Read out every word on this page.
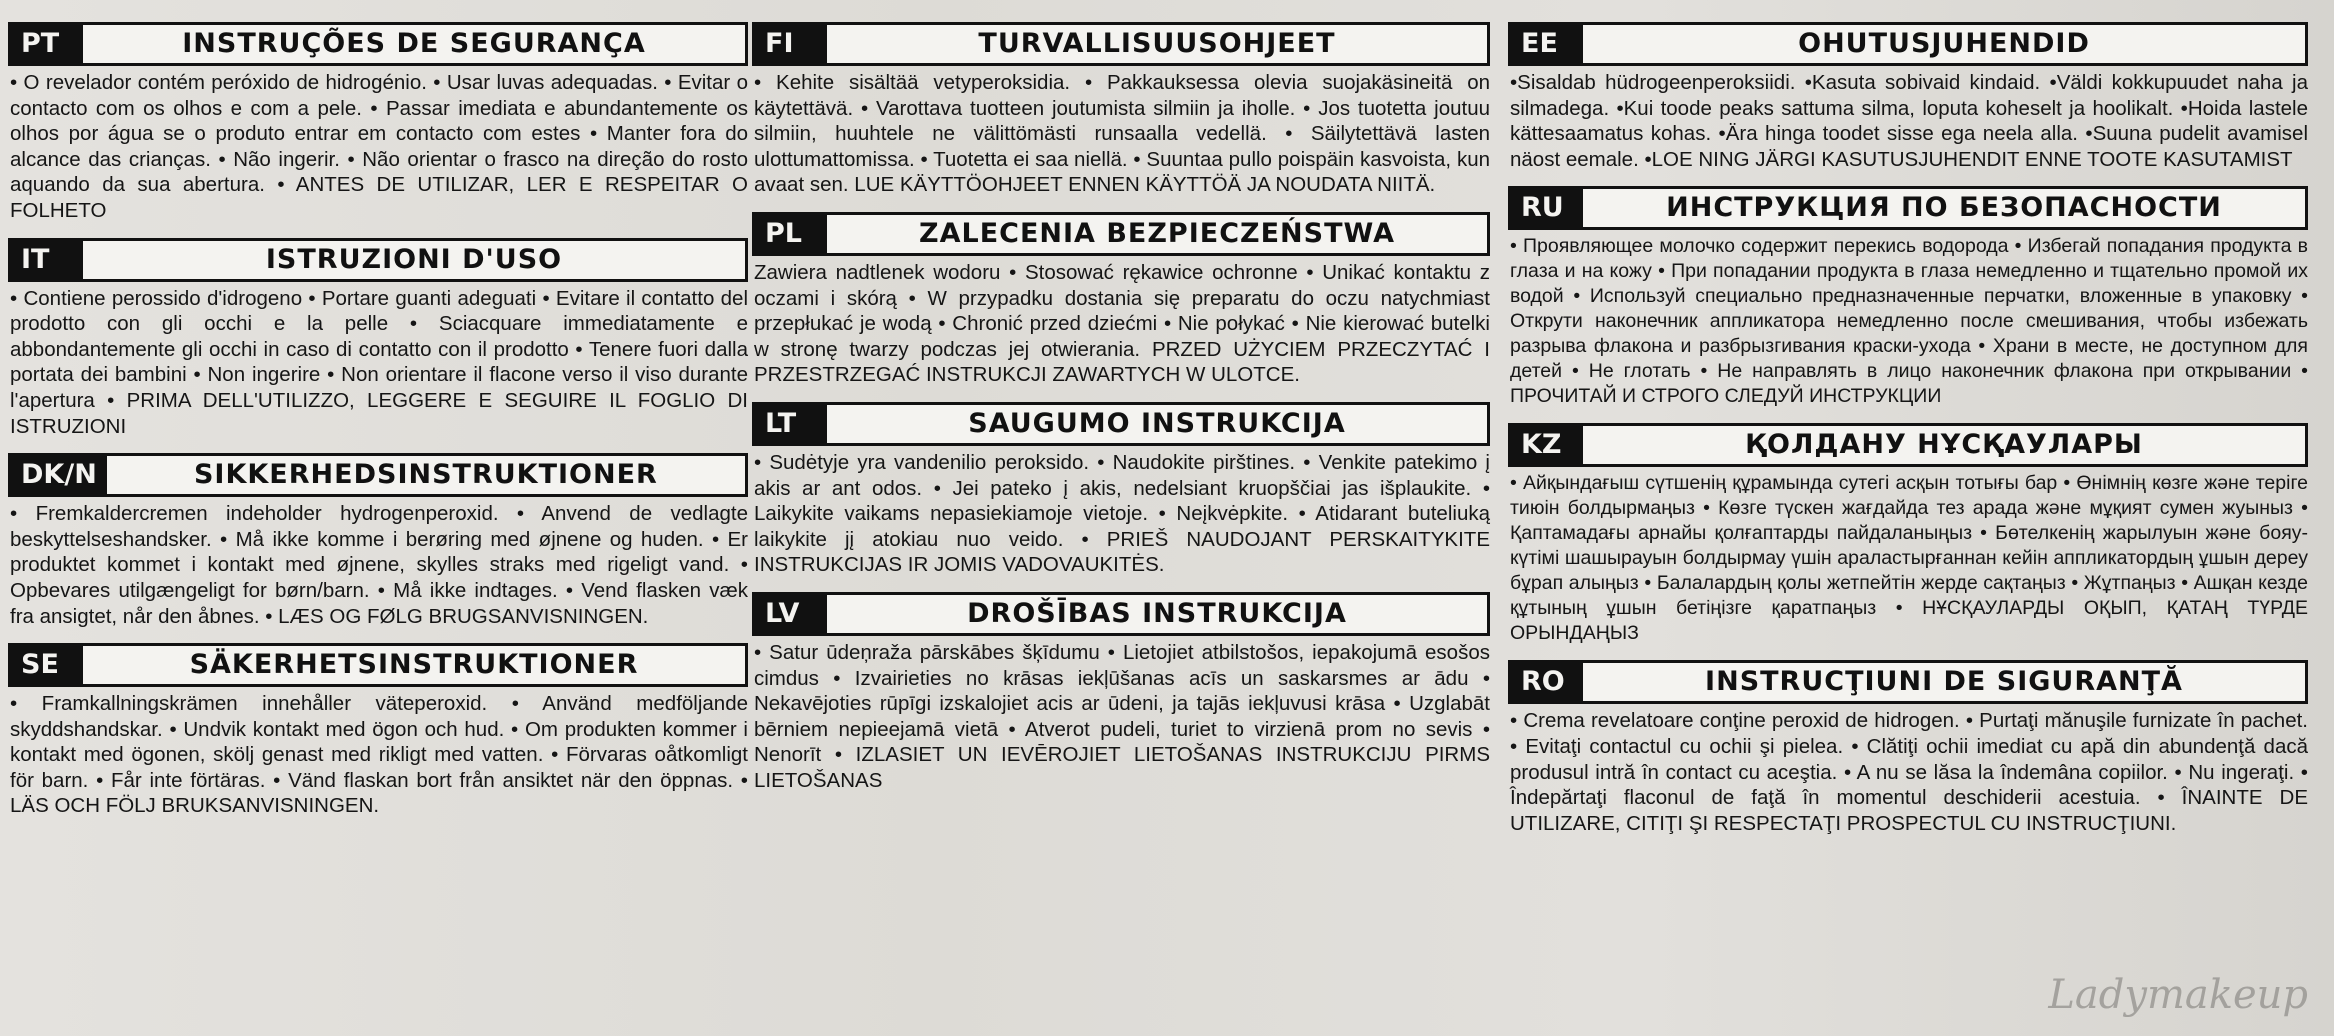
PT	INSTRUÇÕES DE SEGURANÇA
• O revelador contém peróxido de hidrogénio. • Usar luvas adequadas. • Evitar o contacto com os olhos e com a pele. • Passar imediata e abundantemente os olhos por água se o produto entrar em contacto com estes • Manter fora do alcance das crianças. • Não ingerir. • Não orientar o frasco na direção do rosto aquando da sua abertura. • ANTES DE UTILIZAR, LER E RESPEITAR O FOLHETO
IT	ISTRUZIONI D'USO
• Contiene perossido d'idrogeno • Portare guanti adeguati • Evitare il contatto del prodotto con gli occhi e la pelle • Sciacquare immediatamente e abbondantemente gli occhi in caso di contatto con il prodotto • Tenere fuori dalla portata dei bambini • Non ingerire • Non orientare il flacone verso il viso durante l'apertura • PRIMA DELL'UTILIZZO, LEGGERE E SEGUIRE IL FOGLIO DI ISTRUZIONI
DK/N	SIKKERHEDSINSTRUKTIONER
• Fremkaldercremen indeholder hydrogenperoxid. • Anvend de vedlagte beskyttelseshandsker. • Må ikke komme i berøring med øjnene og huden. • Er produktet kommet i kontakt med øjnene, skylles straks med rigeligt vand. • Opbevares utilgængeligt for børn/barn. • Må ikke indtages. • Vend flasken væk fra ansigtet, når den åbnes. • LÆS OG FØLG BRUGSANVISNINGEN.
SE	SÄKERHETSINSTRUKTIONER
• Framkallningskrämen innehåller väteperoxid. • Använd medföljande skyddshandskar. • Undvik kontakt med ögon och hud. • Om produkten kommer i kontakt med ögonen, skölj genast med rikligt med vatten. • Förvaras oåtkomligt för barn. • Får inte förtäras. • Vänd flaskan bort från ansiktet när den öppnas. • LÄS OCH FÖLJ BRUKSANVISNINGEN.
FI	TURVALLISUUSOHJEET
• Kehite sisältää vetyperoksidia. • Pakkauksessa olevia suojakäsineitä on käytettävä. • Varottava tuotteen joutumista silmiin ja iholle. • Jos tuotetta joutuu silmiin, huuhtele ne välittömästi runsaalla vedellä. • Säilytettävä lasten ulottumattomissa. • Tuotetta ei saa niellä. • Suuntaa pullo poispäin kasvoista, kun avaat sen. LUE KÄYTTÖOHJEET ENNEN KÄYTTÖÄ JA NOUDATA NIITÄ.
PL	ZALECENIA BEZPIECZEŃSTWA
Zawiera nadtlenek wodoru • Stosować rękawice ochronne • Unikać kontaktu z oczami i skórą • W przypadku dostania się preparatu do oczu natychmiast przepłukać je wodą • Chronić przed dziećmi • Nie połykać • Nie kierować butelki w stronę twarzy podczas jej otwierania. PRZED UŻYCIEM PRZECZYTAĆ I PRZESTRZEGAĆ INSTRUKCJI ZAWARTYCH W ULOTCE.
LT	SAUGUMO INSTRUKCIJA
• Sudėtyje yra vandenilio peroksido. • Naudokite pirštines. • Venkite patekimo į akis ar ant odos. • Jei pateko į akis, nedelsiant kruopščiai jas išplaukite. • Laikykite vaikams nepasiekiamoje vietoje. • Neįkvėpkite. • Atidarant buteliuką laikykite jį atokiau nuo veido. • PRIEŠ NAUDOJANT PERSKAITYKITE INSTRUKCIJAS IR JOMIS VADOVAUKITĖS.
LV	DROŠĪBAS INSTRUKCIJA
• Satur ūdeņraža pārskābes šķīdumu • Lietojiet atbilstošos, iepakojumā esošos cimdus • Izvairieties no krāsas iekļūšanas acīs un saskarsmes ar ādu • Nekavējoties rūpīgi izskalojiet acis ar ūdeni, ja tajās iekļuvusi krāsa • Uzglabāt bērniem nepieejamā vietā • Atverot pudeli, turiet to virzienā prom no sevis • Nenorīt • IZLASIET UN IEVĒROJIET LIETOŠANAS INSTRUKCIJU PIRMS LIETOŠANAS
EE	OHUTUSJUHENDID
•Sisaldab hüdrogeenperoksiidi. •Kasuta sobivaid kindaid. •Väldi kokkupuudet naha ja silmadega. •Kui toode peaks sattuma silma, loputa koheselt ja hoolikalt. •Hoida lastele kättesaamatus kohas. •Ära hinga toodet sisse ega neela alla. •Suuna pudelit avamisel näost eemale. •LOE NING JÄRGI KASUTUSJUHENDIT ENNE TOOTE KASUTAMIST
RU	ИНСТРУКЦИЯ ПО БЕЗОПАСНОСТИ
• Проявляющее молочко содержит перекись водорода • Избегай попадания продукта в глаза и на кожу • При попадании продукта в глаза немедленно и тщательно промой их водой • Используй специально предназначенные перчатки, вложенные в упаковку • Открути наконечник аппликатора немедленно после смешивания, чтобы избежать разрыва флакона и разбрызгивания краски-ухода • Храни в месте, не доступном для детей • Не глотать • Не направлять в лицо наконечник флакона при открывании • ПРОЧИТАЙ И СТРОГО СЛЕДУЙ ИНСТРУКЦИИ
KZ	ҚОЛДАНУ НҰСҚАУЛАРЫ
• Айқындағыш сүтшенің құрамында сутегі асқын тотығы бар • Өнімнің көзге және теріге тиюін болдырмаңыз • Көзге түскен жағдайда тез арада және мұқият сумен жуыныз • Қаптамадағы арнайы қолғаптарды пайдаланыңыз • Бөтелкенің жарылуын және бояу-күтімі шашырауын болдырмау үшін араластырғаннан кейін аппликатордың ұшын дереу бұрап алыңыз • Балалардың қолы жетпейтін жерде сақтаңыз • Жұтпаңыз • Ашқан кезде құтының ұшын бетіңізге қаратпаңыз • НҰСҚАУЛАРДЫ ОҚЫП, ҚАТАҢ ТҮРДЕ ОРЫНДАҢЫЗ
RO	INSTRUCŢIUNI DE SIGURANŢĂ
• Crema revelatoare conţine peroxid de hidrogen. • Purtaţi mănuşile furnizate în pachet. • Evitaţi contactul cu ochii şi pielea. • Clătiţi ochii imediat cu apă din abundenţă dacă produsul intră în contact cu aceştia. • A nu se lăsa la îndemâna copiilor. • Nu ingeraţi. • Îndepărtaţi flaconul de faţă în momentul deschiderii acestuia. • ÎNAINTE DE UTILIZARE, CITIŢI ŞI RESPECTAŢI PROSPECTUL CU INSTRUCŢIUNI.
Ladymakeup
